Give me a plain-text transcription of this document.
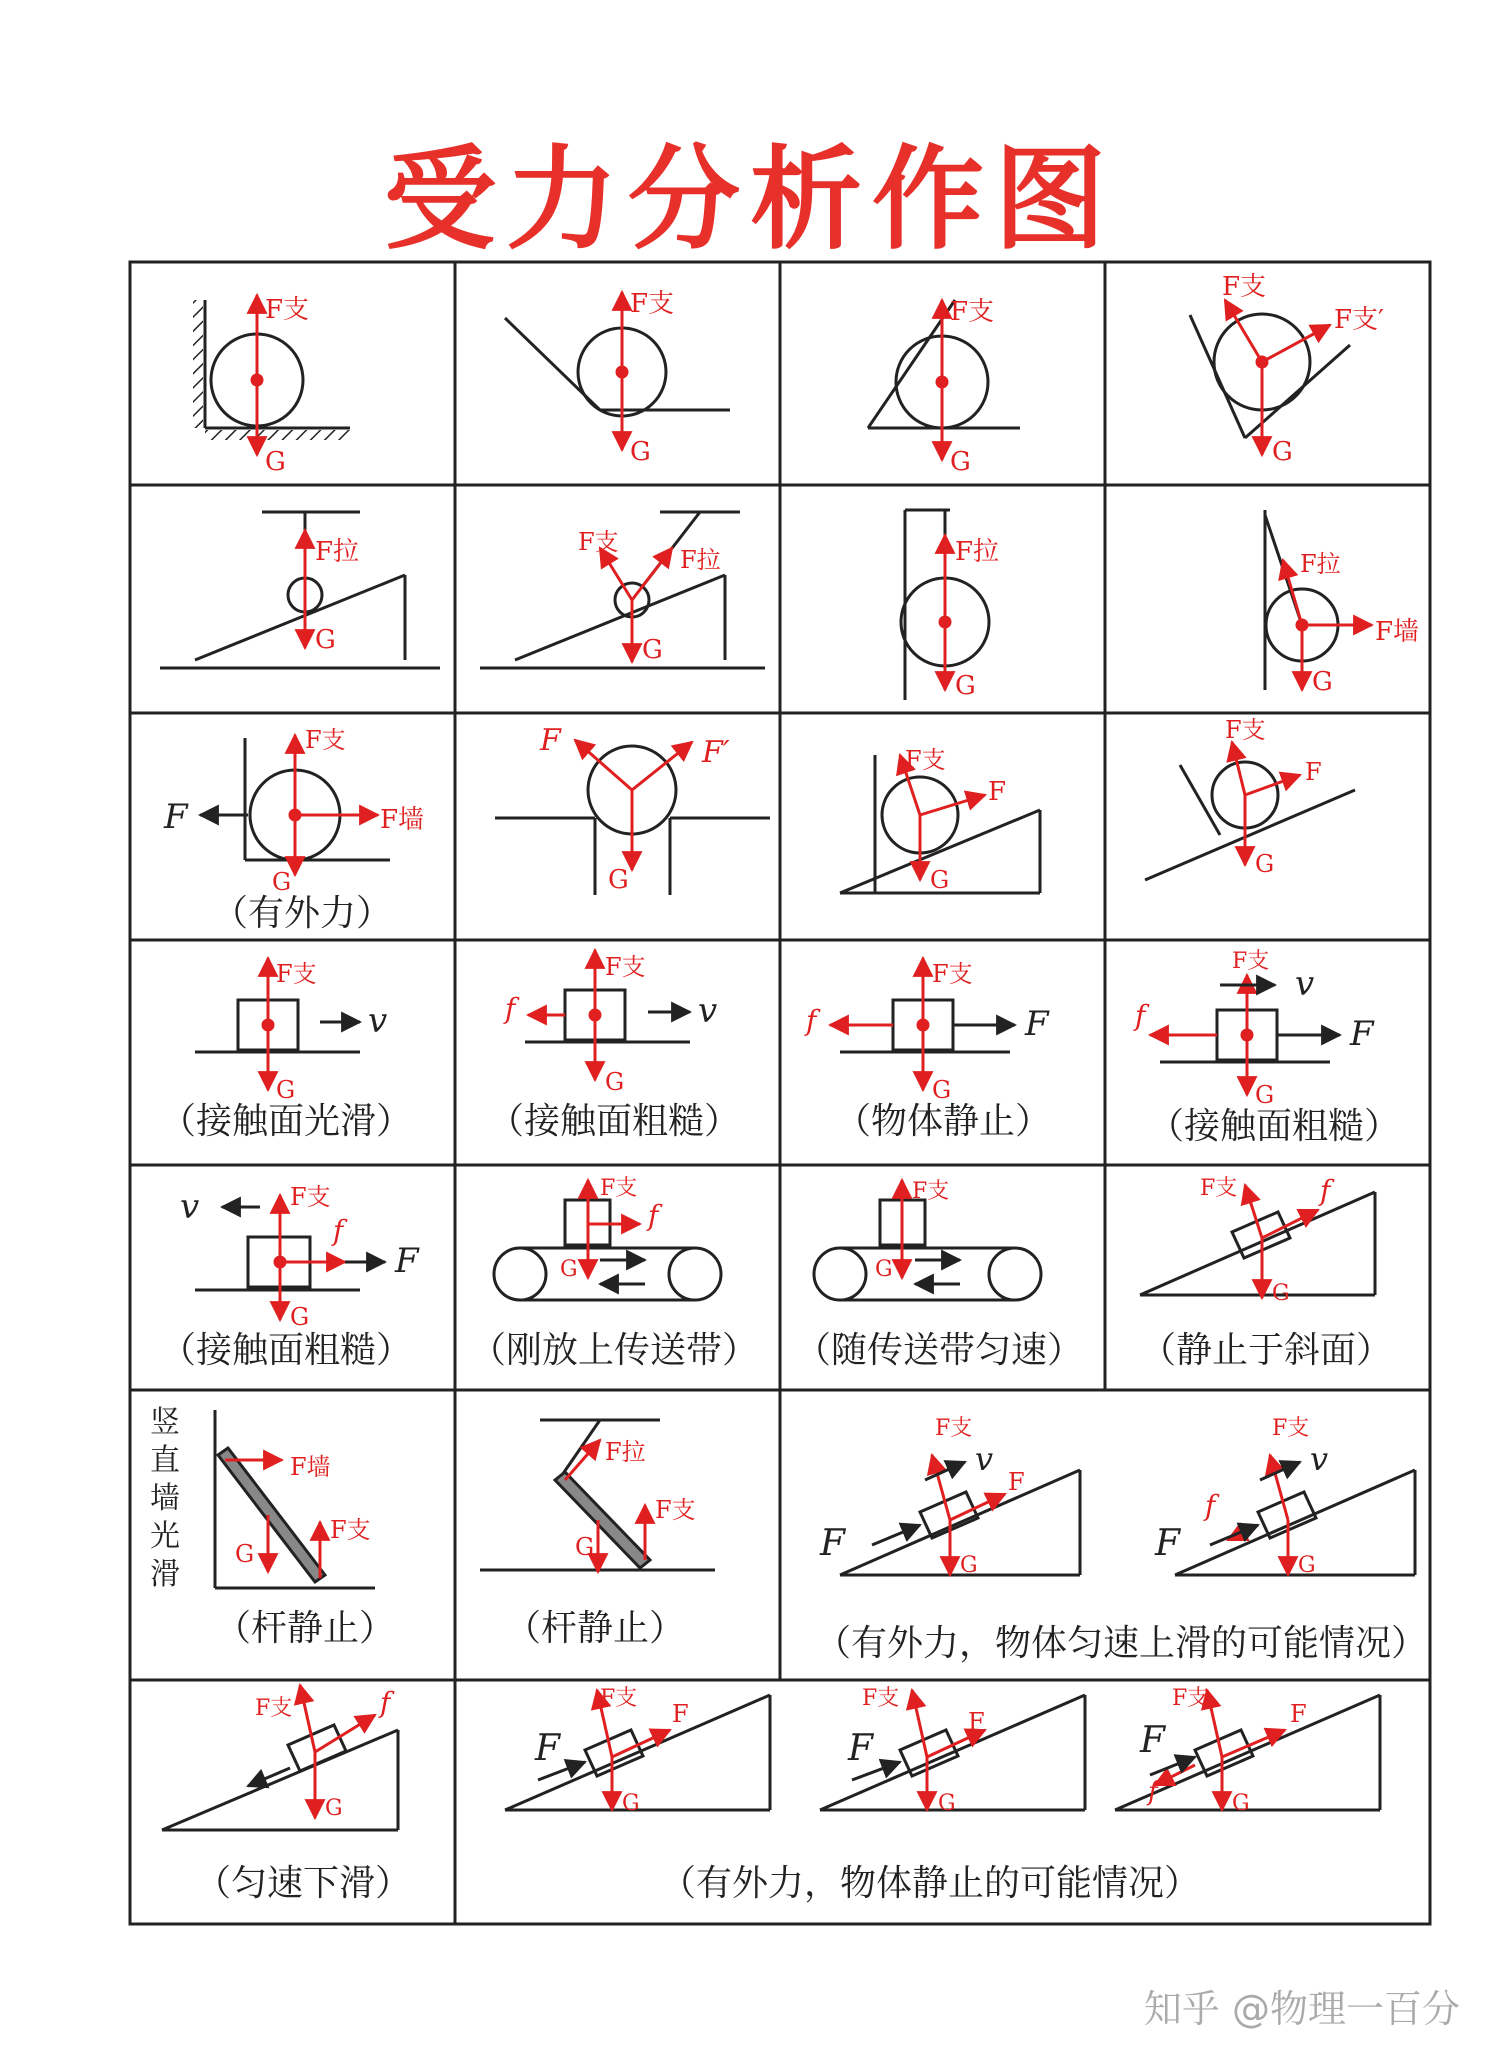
受力分析作图
F支
G
F支
G
F支
G
F支
F支′
G
F拉
G
F支
F拉
G
F拉
G
F拉
F墙
G
F
F支
F墙
G
（有外力）
F	F′
G
F支
F
G
F支
F
G
v
F支
G
（接触面光滑）
v
f
F支
G
（接触面粗糙）
F
f
F支
G
（物体静止）
F
v
f
F支
G
（接触面粗糙）
F
v
f
F支
G
（接触面粗糙）
F支
f
G
（刚放上传送带）
F支
G
（随传送带匀速）
F支	f
G
（静止于斜面）
竖
直
墙
光
滑
F墙
G
F支
（杆静止）
F拉
G
F支
（杆静止）
F
v
F支
F
G
F
v
f
F支
G
（有外力，物体匀速上滑的可能情况）
F支	f
G
（匀速下滑）
F
F支
F
G
F
F支
F
G
F
f
F支
F
G
（有外力，物体静止的可能情况）
知乎 @物理一百分
